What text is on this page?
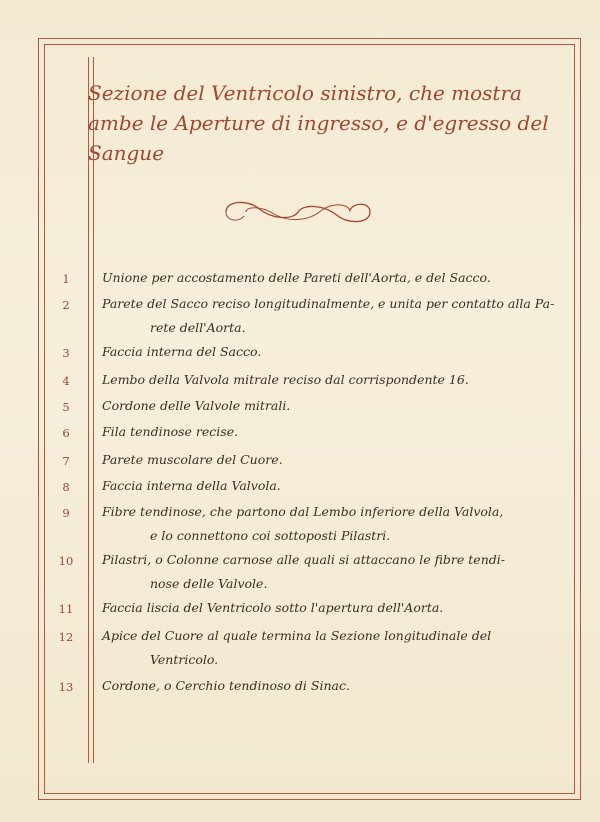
Sezione del Ventricolo sinistro, che mostra ambe le Aperture di ingresso, e d'egresso del Sangue
1	Unione per accostamento delle Pareti dell'Aorta, e del Sacco.
2	Parete del Sacco reciso longitudinalmente, e unita per contatto alla Pa-
rete dell'Aorta.
3	Faccia interna del Sacco.
4	Lembo della Valvola mitrale reciso dal corrispondente 16.
5	Cordone delle Valvole mitrali.
6	Fila tendinose recise.
7	Parete muscolare del Cuore.
8	Faccia interna della Valvola.
9	Fibre tendinose, che partono dal Lembo inferiore della Valvola,
e lo connettono coi sottoposti Pilastri.
10	Pilastri, o Colonne carnose alle quali si attaccano le fibre tendi-
nose delle Valvole.
11	Faccia liscia del Ventricolo sotto l'apertura dell'Aorta.
12	Apice del Cuore al quale termina la Sezione longitudinale del
Ventricolo.
13	Cordone, o Cerchio tendinoso di Sinac.
